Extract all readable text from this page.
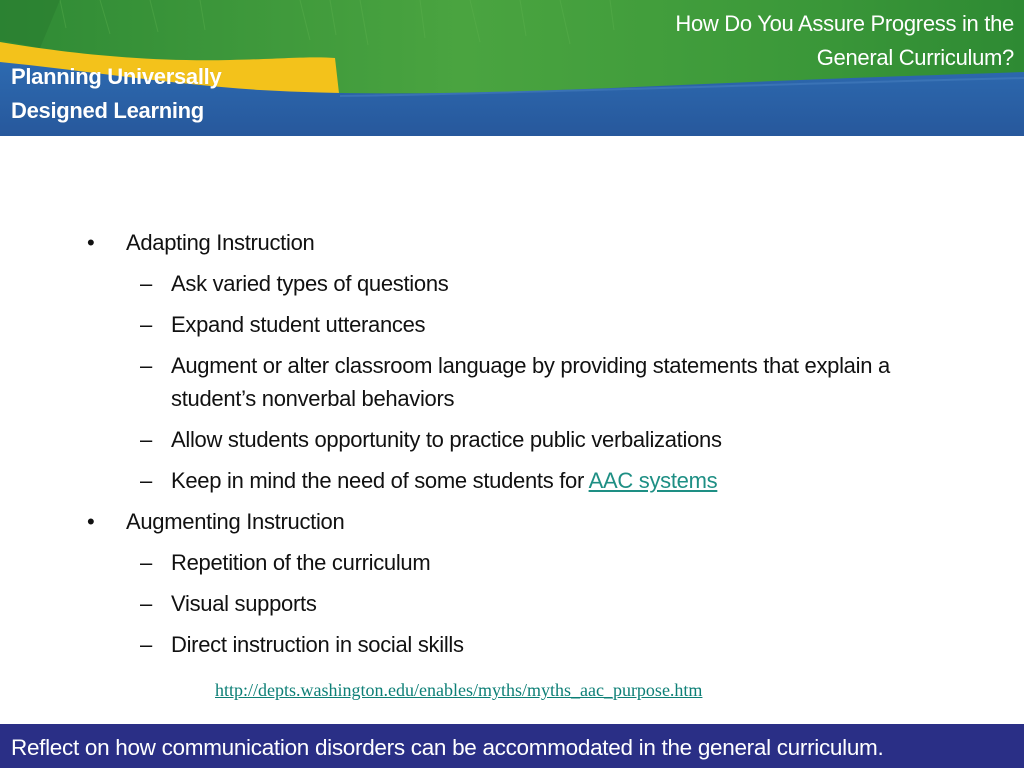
Planning Universally
Designed Learning
How Do You Assure Progress in the
General Curriculum?
• Adapting Instruction
– Ask varied types of questions
– Expand student utterances
– Augment or alter classroom language by providing statements that explain a student’s nonverbal behaviors
– Allow students opportunity to practice public verbalizations
– Keep in mind the need of some students for AAC systems
• Augmenting Instruction
– Repetition of the curriculum
– Visual supports
– Direct instruction in social skills
http://depts.washington.edu/enables/myths/myths_aac_purpose.htm
Reflect on how communication disorders can be accommodated in the general curriculum.
